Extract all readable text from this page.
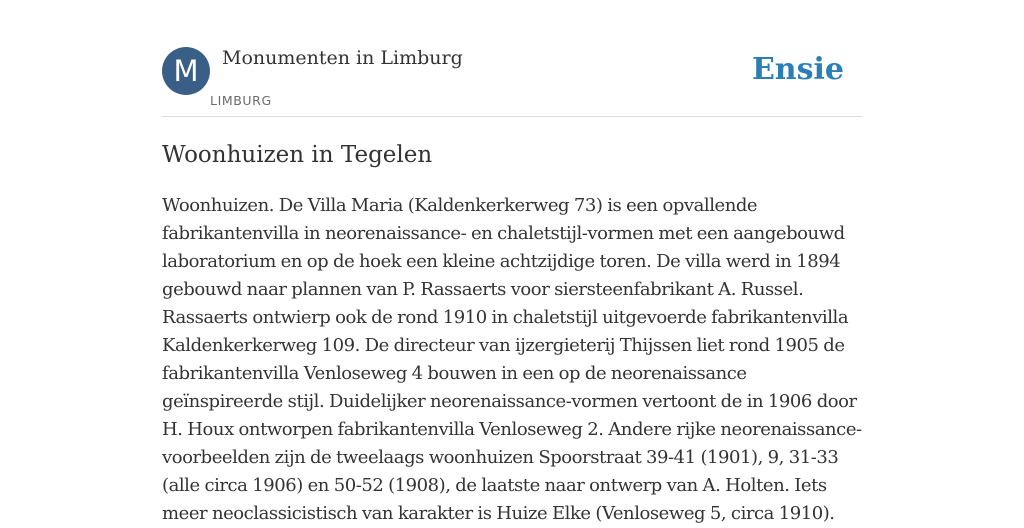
M	Monumenten in Limburg
LIMBURG
Ensie
Woonhuizen in Tegelen

Woonhuizen. De Villa Maria (Kaldenkerkerweg 73) is een opvallende fabrikantenvilla in neorenaissance- en chaletstijl-vormen met een aangebouwd laboratorium en op de hoek een kleine achtzijdige toren. De villa werd in 1894 gebouwd naar plannen van P. Rassaerts voor siersteenfabrikant A. Russel. Rassaerts ontwierp ook de rond 1910 in chaletstijl uitgevoerde fabrikantenvilla Kaldenkerkerweg 109. De directeur van ijzergieterij Thijssen liet rond 1905 de fabrikantenvilla Venloseweg 4 bouwen in een op de neorenaissance geïnspireerde stijl. Duidelijker neorenaissance-vormen vertoont de in 1906 door H. Houx ontworpen fabrikantenvilla Venloseweg 2. Andere rijke neorenaissance-voorbeelden zijn de tweelaags woonhuizen Spoorstraat 39-41 (1901), 9, 31-33 (alle circa 1906) en 50-52 (1908), de laatste naar ontwerp van A. Holten. Iets meer neoclassicistisch van karakter is Huize Elke (Venloseweg 5, circa 1910).
